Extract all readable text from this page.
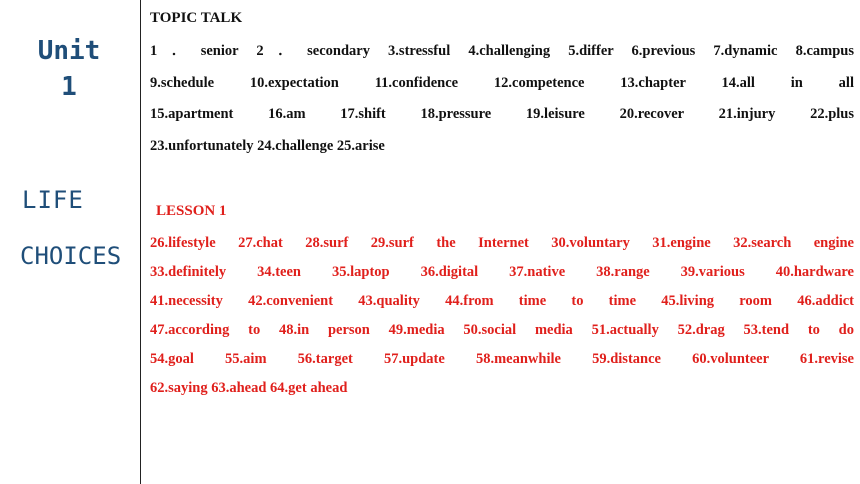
Unit
1
LIFE
CHOICES
TOPIC TALK
1．senior 2．secondary 3.stressful 4.challenging 5.differ 6.previous 7.dynamic 8.campus
9.schedule 10.expectation 11.confidence 12.competence 13.chapter 14.all in all
15.apartment 16.am 17.shift 18.pressure 19.leisure 20.recover 21.injury 22.plus
23.unfortunately 24.challenge 25.arise
LESSON 1
26.lifestyle 27.chat 28.surf 29.surf the Internet 30.voluntary 31.engine 32.search engine
33.definitely 34.teen 35.laptop 36.digital 37.native 38.range 39.various 40.hardware
41.necessity 42.convenient 43.quality 44.from time to time 45.living room 46.addict
47.according to 48.in person 49.media 50.social media 51.actually 52.drag 53.tend to do
54.goal 55.aim 56.target 57.update 58.meanwhile 59.distance 60.volunteer 61.revise
62.saying 63.ahead 64.get ahead
